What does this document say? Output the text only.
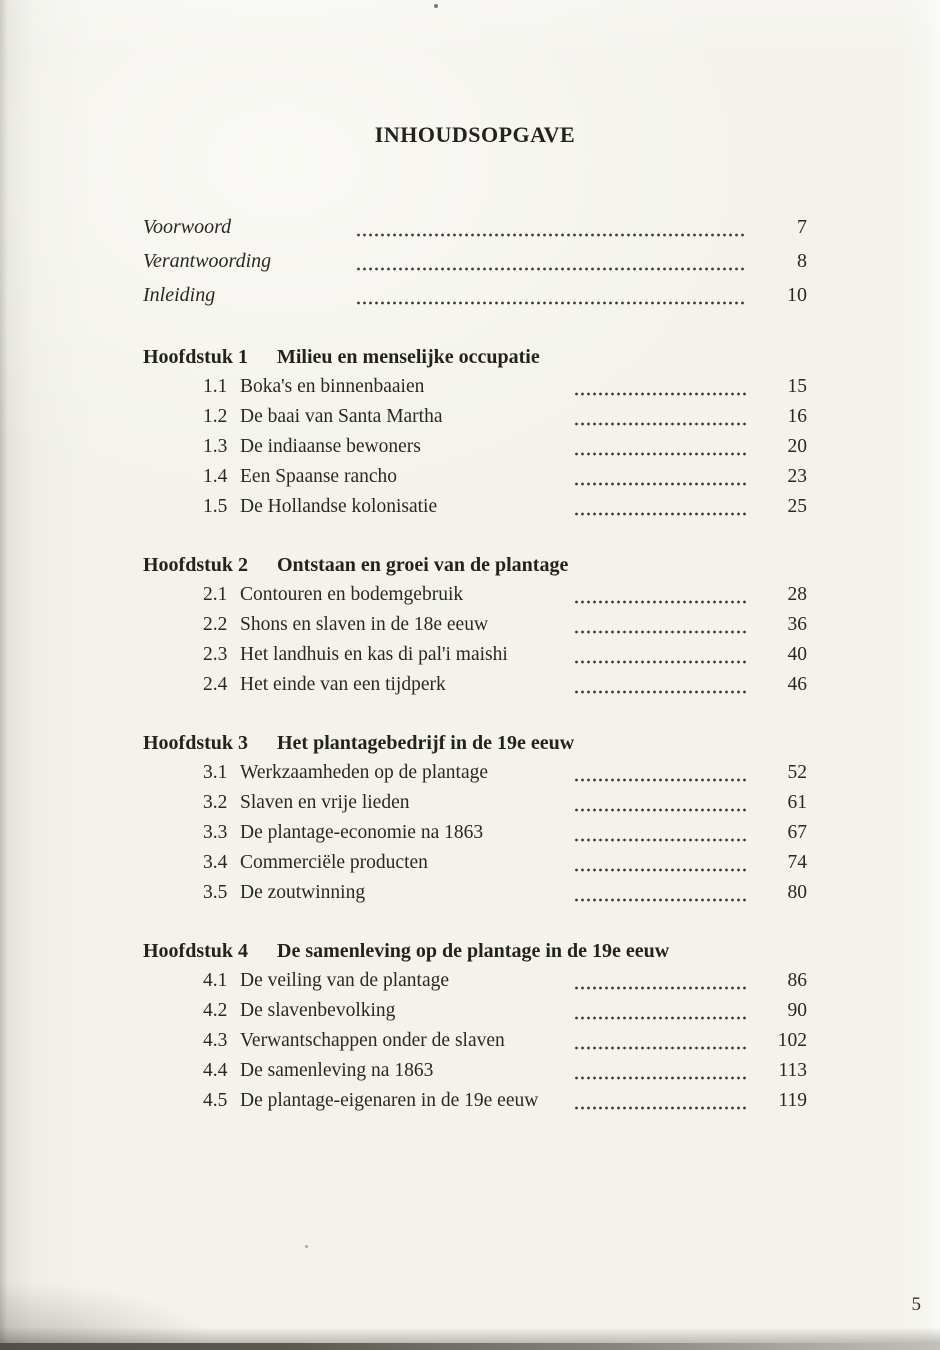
INHOUDSOPGAVE
Voorwoord	7
Verantwoording	8
Inleiding	10
Hoofdstuk 1	Milieu en menselijke occupatie
1.1 Boka's en binnenbaaien	15
1.2 De baai van Santa Martha	16
1.3 De indiaanse bewoners	20
1.4 Een Spaanse rancho	23
1.5 De Hollandse kolonisatie	25
Hoofdstuk 2	Ontstaan en groei van de plantage
2.1 Contouren en bodemgebruik	28
2.2 Shons en slaven in de 18e eeuw	36
2.3 Het landhuis en kas di pal'i maishi	40
2.4 Het einde van een tijdperk	46
Hoofdstuk 3	Het plantagebedrijf in de 19e eeuw
3.1 Werkzaamheden op de plantage	52
3.2 Slaven en vrije lieden	61
3.3 De plantage-economie na 1863	67
3.4 Commerciële producten	74
3.5 De zoutwinning	80
Hoofdstuk 4	De samenleving op de plantage in de 19e eeuw
4.1 De veiling van de plantage	86
4.2 De slavenbevolking	90
4.3 Verwantschappen onder de slaven	102
4.4 De samenleving na 1863	113
4.5 De plantage-eigenaren in de 19e eeuw	119
5
